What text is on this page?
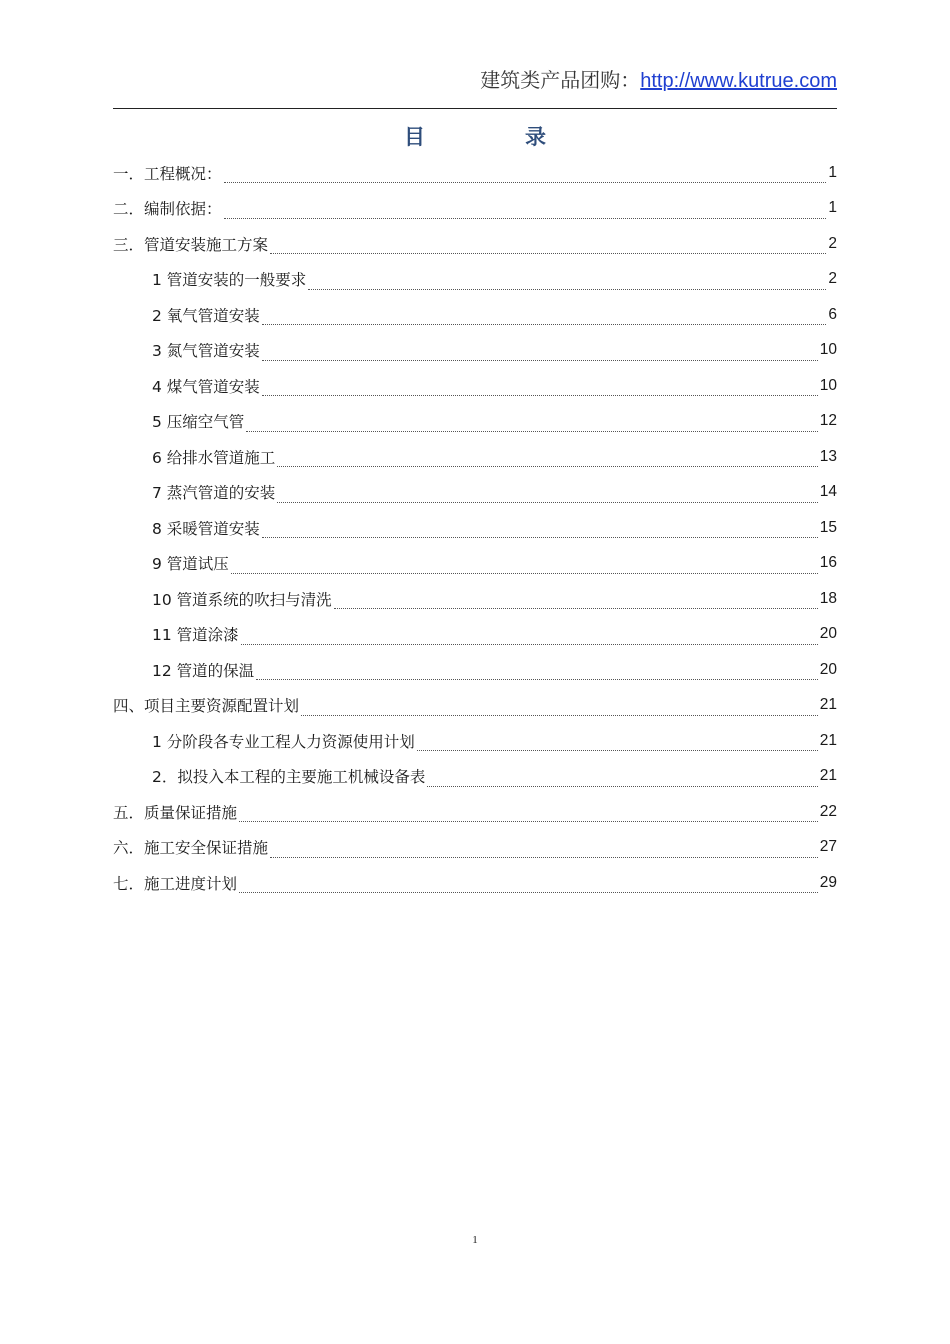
建筑类产品团购：http://www.kutrue.com
目录
一．工程概况：	1
二．编制依据：	1
三．管道安装施工方案	2
1 管道安装的一般要求	2
2 氧气管道安装	6
3 氮气管道安装	10
4 煤气管道安装	10
5 压缩空气管	12
6 给排水管道施工	13
7 蒸汽管道的安装	14
8 采暖管道安装	15
9 管道试压	16
10 管道系统的吹扫与清洗	18
11 管道涂漆	20
12 管道的保温	20
四、项目主要资源配置计划	21
1 分阶段各专业工程人力资源使用计划	21
2．拟投入本工程的主要施工机械设备表	21
五．质量保证措施	22
六．施工安全保证措施	27
七．施工进度计划	29
1
